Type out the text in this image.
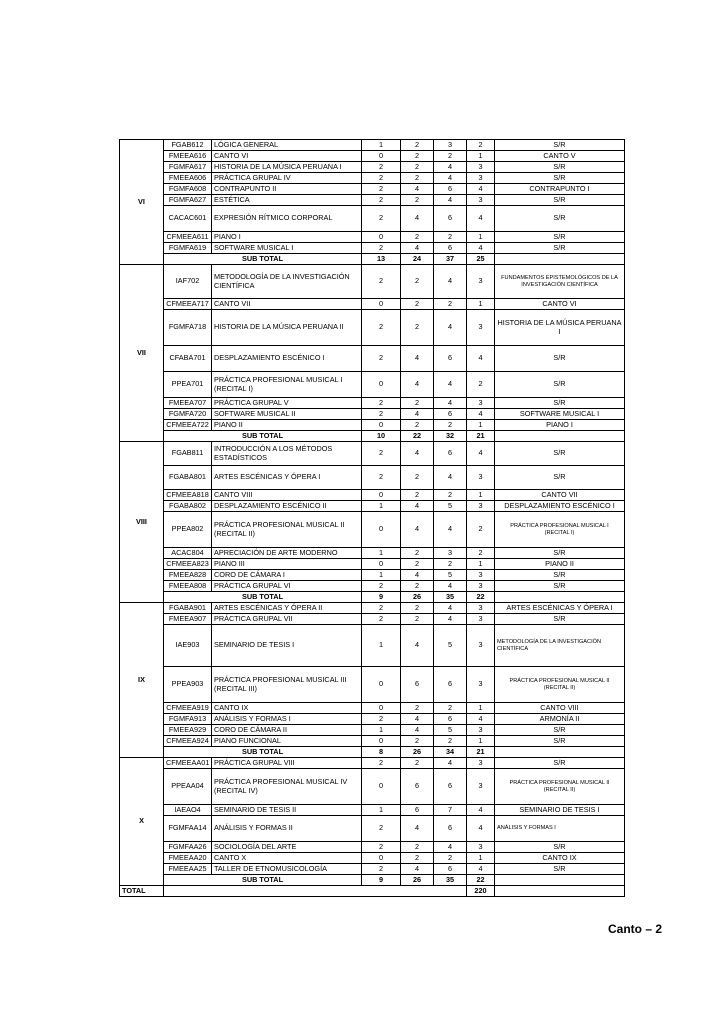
VI	FGAB612	LÓGICA GENERAL	1	2	3	2	S/R
	FMEEA616	CANTO VI	0	2	2	1	CANTO V
	FGMFA617	HISTORIA DE LA MÚSICA PERUANA I	2	2	4	3	S/R
	FMEEA606	PRÁCTICA GRUPAL IV	2	2	4	3	S/R
	FGMFA608	CONTRAPUNTO II	2	4	6	4	CONTRAPUNTO I
	FGMFA627	ESTÉTICA	2	2	4	3	S/R
	CACAC601	EXPRESIÓN RÍTMICO CORPORAL	2	4	6	4	S/R
	CFMEEA611	PIANO I	0	2	2	1	S/R
	FGMFA619	SOFTWARE MUSICAL I	2	4	6	4	S/R
	SUB TOTAL		13	24	37	25	
VII	IAF702	METODOLOGÍA DE LA INVESTIGACIÓN CIENTÍFICA	2	2	4	3	FUNDAMENTOS EPISTEMOLÓGICOS DE LA INVESTIGACIÓN CIENTÍFICA
	CFMEEA717	CANTO VII	0	2	2	1	CANTO VI
	FGMFA718	HISTORIA DE LA MÚSICA PERUANA II	2	2	4	3	HISTORIA DE LA MÚSICA PERUANA I
	CFABA701	DESPLAZAMIENTO ESCÉNICO I	2	4	6	4	S/R
	PPEA701	PRÁCTICA PROFESIONAL MUSICAL I (RECITAL I)	0	4	4	2	S/R
	FMEEA707	PRÁCTICA GRUPAL V	2	2	4	3	S/R
	FGMFA720	SOFTWARE MUSICAL II	2	4	6	4	SOFTWARE MUSICAL I
	CFMEEA722	PIANO II	0	2	2	1	PIANO I
	SUB TOTAL		10	22	32	21	
VIII	FGAB811	INTRODUCCIÓN A LOS MÉTODOS ESTADÍSTICOS	2	4	6	4	S/R
	FGABA801	ARTES ESCÉNICAS Y ÓPERA I	2	2	4	3	S/R
	CFMEEA818	CANTO VIII	0	2	2	1	CANTO VII
	FGABA802	DESPLAZAMIENTO ESCÉNICO II	1	4	5	3	DESPLAZAMIENTO ESCÉNICO I
	PPEA802	PRÁCTICA PROFESIONAL MUSICAL II (RECITAL II)	0	4	4	2	PRÁCTICA PROFESIONAL MUSICAL I (RECITAL I)
	ACAC804	APRECIACIÓN DE ARTE MODERNO	1	2	3	2	S/R
	CFMEEA823	PIANO III	0	2	2	1	PIANO II
	FMEEA828	CORO DE CÁMARA I	1	4	5	3	S/R
	FMEEA808	PRÁCTICA GRUPAL VI	2	2	4	3	S/R
	SUB TOTAL		9	26	35	22	
IX	FGABA901	ARTES ESCÉNICAS Y ÓPERA II	2	2	4	3	ARTES ESCÉNICAS Y ÓPERA I
	FMEEA907	PRÁCTICA GRUPAL VII	2	2	4	3	S/R
	IAE903	SEMINARIO DE TESIS I	1	4	5	3	METODOLOGÍA DE LA INVESTIGACIÓN CIENTÍFICA
	PPEA903	PRÁCTICA PROFESIONAL MUSICAL III (RECITAL III)	0	6	6	3	PRÁCTICA PROFESIONAL MUSICAL II (RECITAL II)
	CFMEEA919	CANTO IX	0	2	2	1	CANTO VIII
	FGMFA913	ANÁLISIS Y FORMAS I	2	4	6	4	ARMONÍA II
	FMEEA929	CORO DE CÁMARA II	1	4	5	3	S/R
	CFMEEA924	PIANO FUNCIONAL	0	2	2	1	S/R
	SUB TOTAL		8	26	34	21	
X	CFMEEAA01	PRÁCTICA GRUPAL VIII	2	2	4	3	S/R
	PPEAA04	PRÁCTICA PROFESIONAL MUSICAL IV (RECITAL IV)	0	6	6	3	PRÁCTICA PROFESIONAL MUSICAL II (RECITAL II)
	IAEAO4	SEMINARIO DE TESIS II	1	6	7	4	SEMINARIO DE TESIS I
	FGMFAA14	ANÁLISIS Y FORMAS II	2	4	6	4	ANÁLISIS Y FORMAS I
	FGMFAA26	SOCIOLOGÍA DEL ARTE	2	2	4	3	S/R
	FMEEAA20	CANTO X	0	2	2	1	CANTO IX
	FMEEAA25	TALLER DE ETNOMUSICOLOGÍA	2	4	6	4	S/R
	SUB TOTAL		9	26	35	22	
TOTAL						220	
Canto – 2
